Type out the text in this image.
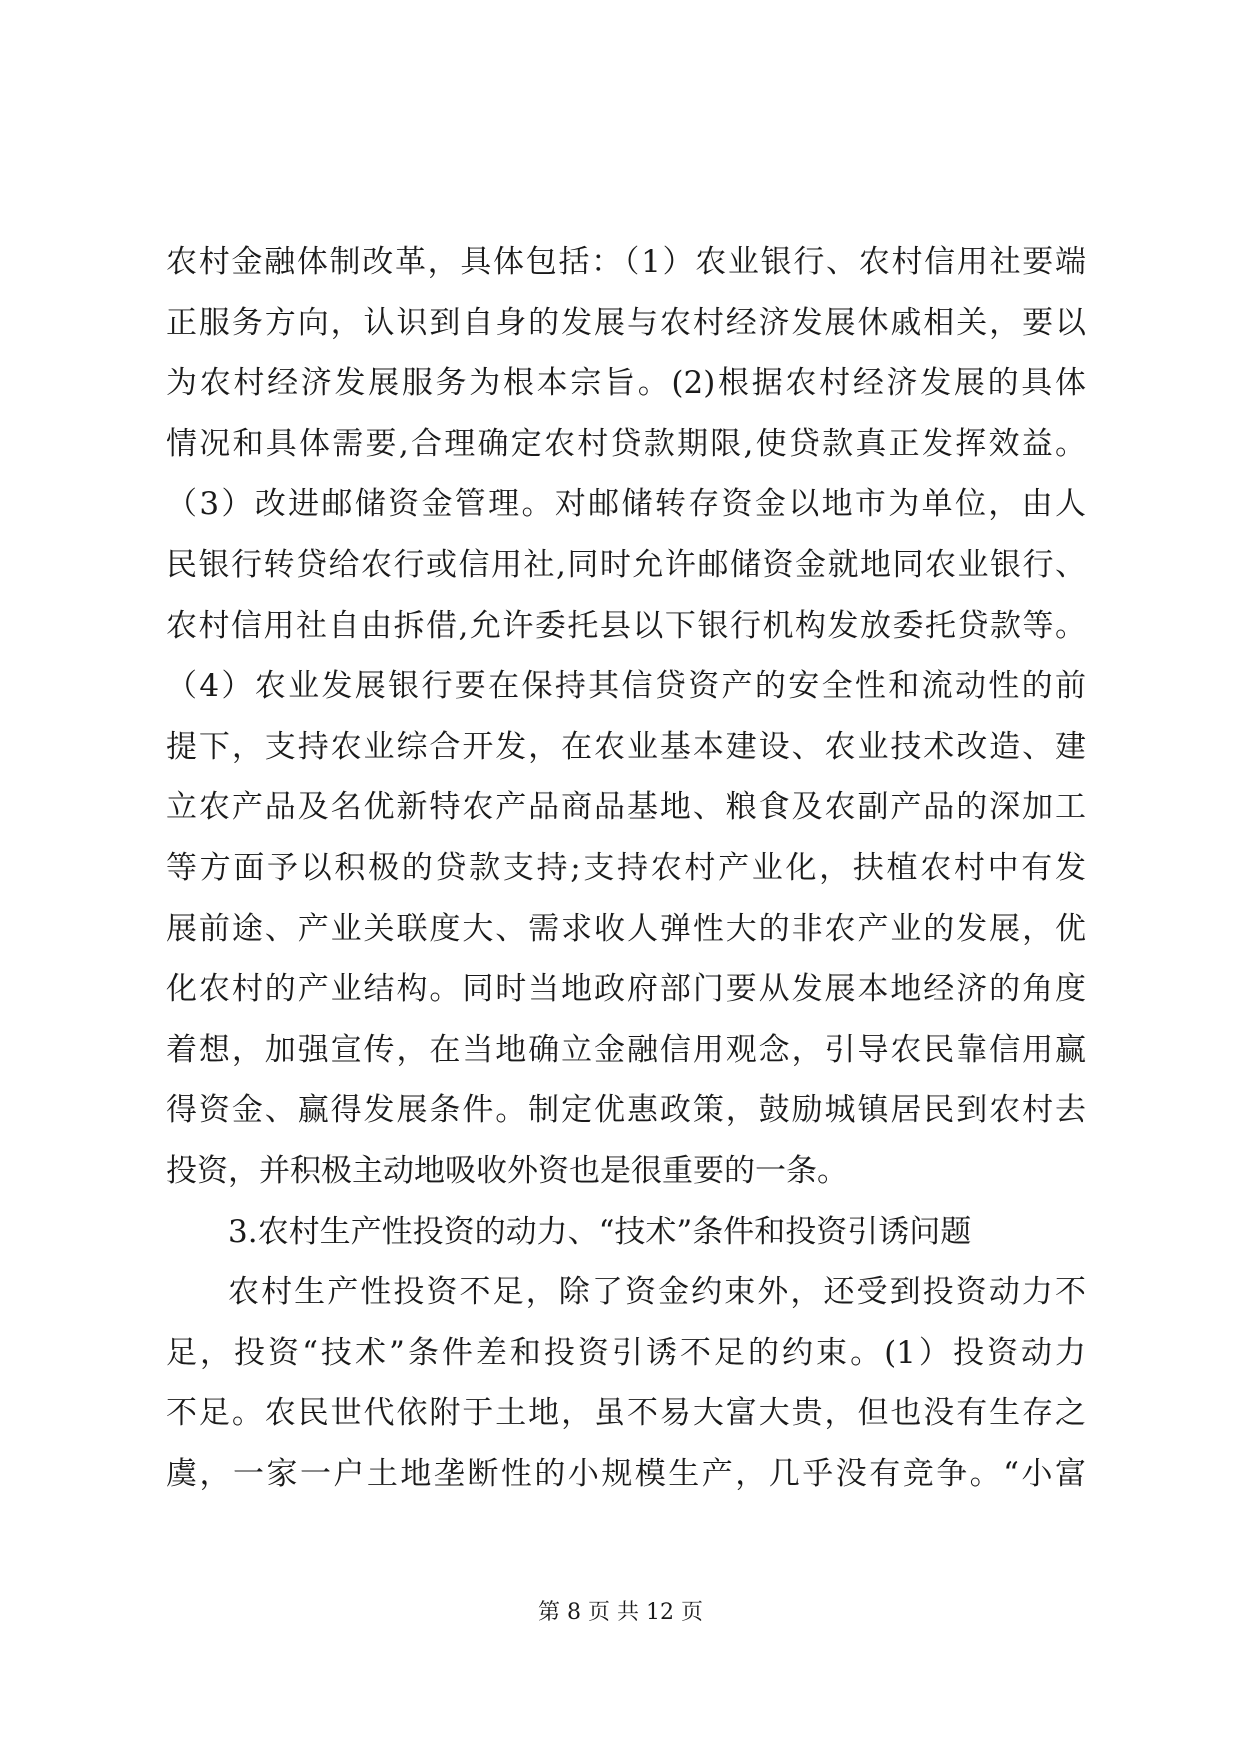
农村金融体制改革，具体包括：（1）农业银行、农村信用社要端
正服务方向，认识到自身的发展与农村经济发展休戚相关，要以
为农村经济发展服务为根本宗旨。(2)根据农村经济发展的具体
情况和具体需要,合理确定农村贷款期限,使贷款真正发挥效益。
（3）改进邮储资金管理。对邮储转存资金以地市为单位，由人
民银行转贷给农行或信用社,同时允许邮储资金就地同农业银行、
农村信用社自由拆借,允许委托县以下银行机构发放委托贷款等。
（4）农业发展银行要在保持其信贷资产的安全性和流动性的前
提下，支持农业综合开发，在农业基本建设、农业技术改造、建
立农产品及名优新特农产品商品基地、粮食及农副产品的深加工
等方面予以积极的贷款支持;支持农村产业化，扶植农村中有发
展前途、产业关联度大、需求收人弹性大的非农产业的发展，优
化农村的产业结构。同时当地政府部门要从发展本地经济的角度
着想，加强宣传，在当地确立金融信用观念，引导农民靠信用赢
得资金、赢得发展条件。制定优惠政策，鼓励城镇居民到农村去
投资，并积极主动地吸收外资也是很重要的一条。
3.农村生产性投资的动力、“技术”条件和投资引诱问题
农村生产性投资不足，除了资金约束外，还受到投资动力不
足，投资“技术”条件差和投资引诱不足的约束。(1）投资动力
不足。农民世代依附于土地，虽不易大富大贵，但也没有生存之
虞，一家一户土地垄断性的小规模生产，几乎没有竞争。“小富
第 8 页 共 12 页
